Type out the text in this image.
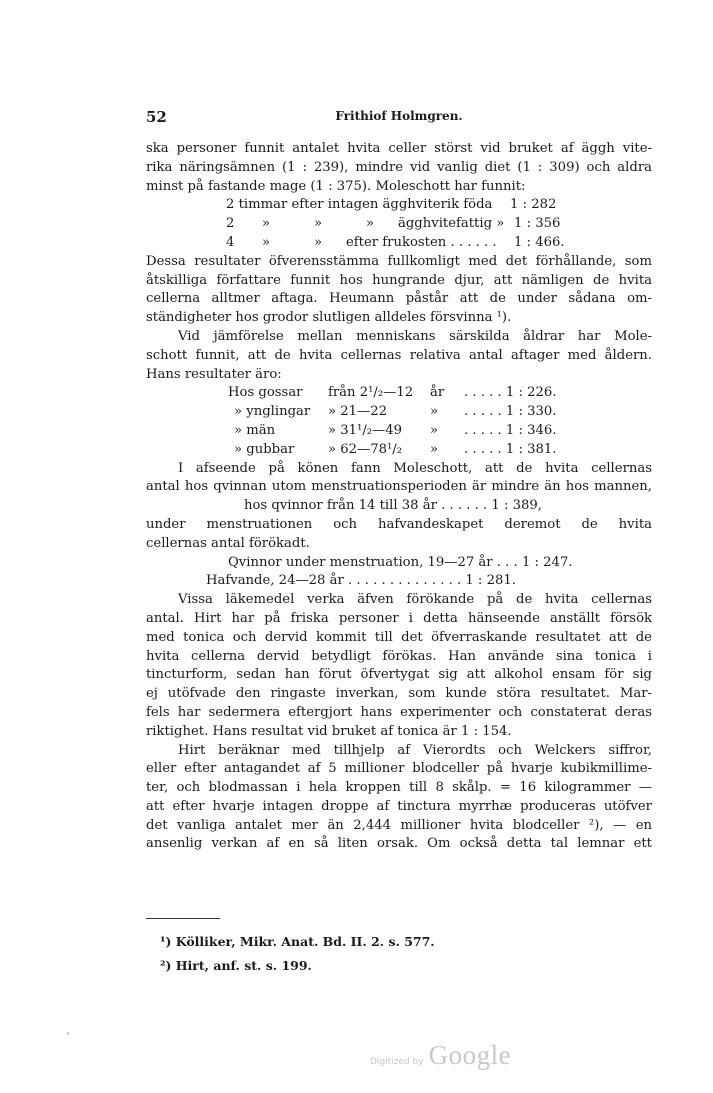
52	Frithiof Holmgren.
ska personer funnit antalet hvita celler störst vid bruket af äggh vite-
rika näringsämnen (1 : 239), mindre vid vanlig diet (1 : 309) och aldra
minst på fastande mage (1 : 375). Moleschott har funnit:
2 timmar efter intagen ägghviterik föda 1 : 282
2 »	»	» ägghvitefattig » 1 : 356
4 »	» efter frukosten . . . . . . 1 : 466.
Dessa resultater öfverensstämma fullkomligt med det förhållande, som
åtskilliga författare funnit hos hungrande djur, att nämligen de hvita
cellerna alltmer aftaga. Heumann påstår att de under sådana om-
ständigheter hos grodor slutligen alldeles försvinna ¹).
Vid jämförelse mellan menniskans särskilda åldrar har Mole-
schott funnit, att de hvita cellernas relativa antal aftager med åldern.
Hans resultater äro:
Hos gossar från 2¹/₂—12 år . . . . . 1 : 226.
» ynglingar » 21—22	» . . . . . 1 : 330.
» män	» 31¹/₂—49 » . . . . . 1 : 346.
» gubbar	» 62—78¹/₂ » . . . . . 1 : 381.
I afseende på könen fann Moleschott, att de hvita cellernas
antal hos qvinnan utom menstruationsperioden är mindre än hos mannen,
hos qvinnor från 14 till 38 år . . . . . . 1 : 389,
under menstruationen och hafvandeskapet deremot de hvita
cellernas antal förökadt.
Qvinnor under menstruation, 19—27 år . . . 1 : 247.
Hafvande, 24—28 år . . . . . . . . . . . . . . 1 : 281.
Vissa läkemedel verka äfven förökande på de hvita cellernas
antal. Hirt har på friska personer i detta hänseende anställt försök
med tonica och dervid kommit till det öfverraskande resultatet att de
hvita cellerna dervid betydligt förökas. Han använde sina tonica i
tincturform, sedan han förut öfvertygat sig att alkohol ensam för sig
ej utöfvade den ringaste inverkan, som kunde störa resultatet. Mar-
fels har sedermera eftergjort hans experimenter och constaterat deras
riktighet. Hans resultat vid bruket af tonica är 1 : 154.
Hirt beräknar med tillhjelp af Vierordts och Welckers siffror,
eller efter antagandet af 5 millioner blodceller på hvarje kubikmillime-
ter, och blodmassan i hela kroppen till 8 skålp. = 16 kilogrammer —
att efter hvarje intagen droppe af tinctura myrrhæ produceras utöfver
det vanliga antalet mer än 2,444 millioner hvita blodceller ²), — en
ansenlig verkan af en så liten orsak. Om också detta tal lemnar ett
¹) Kölliker, Mikr. Anat. Bd. II. 2. s. 577.
²) Hirt, anf. st. s. 199.
`
Digitized by Google
